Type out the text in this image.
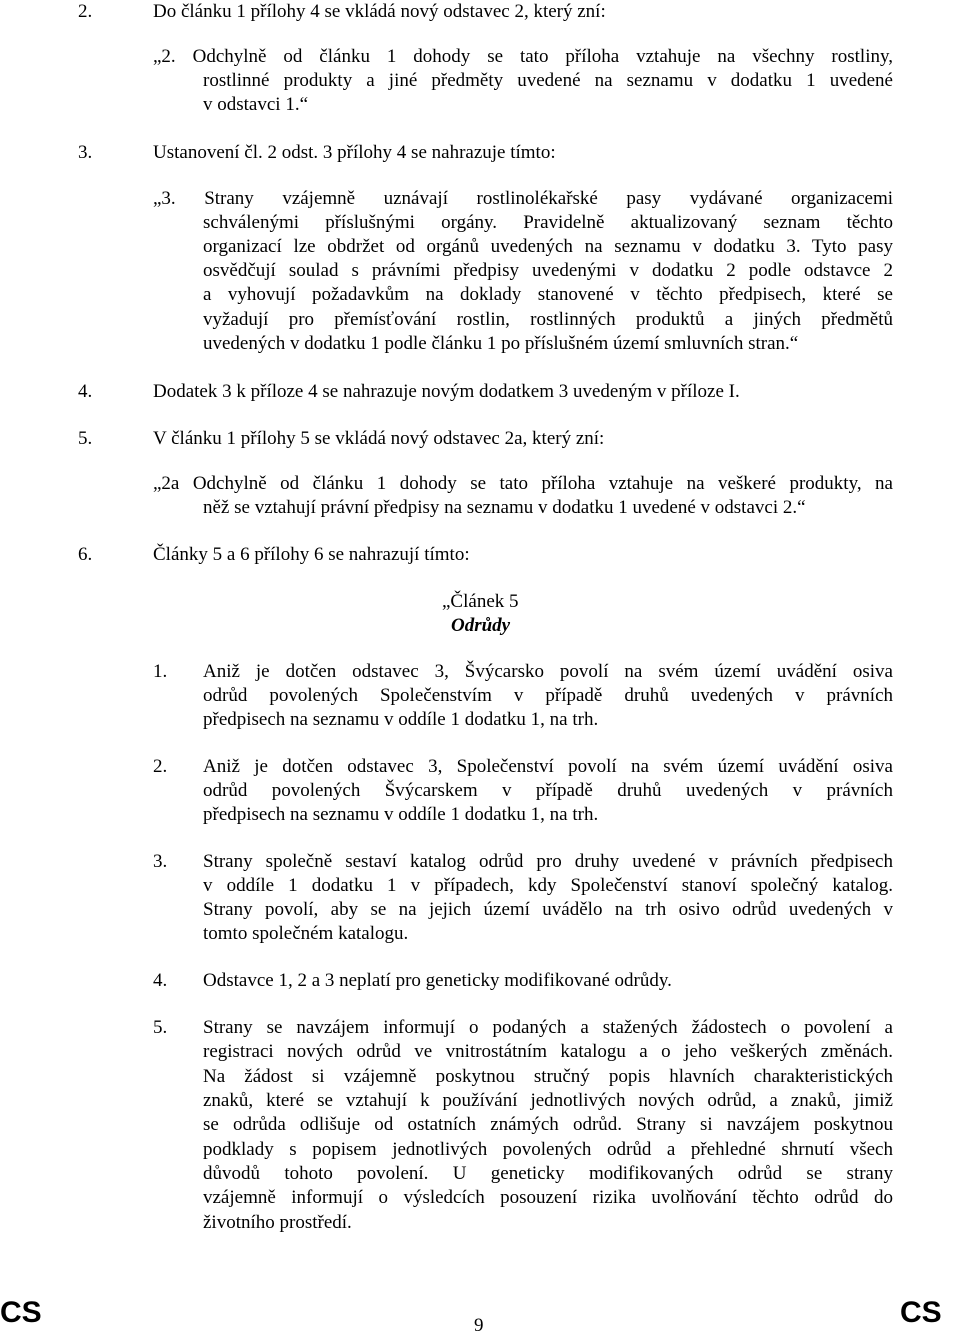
2.	Do článku 1 přílohy 4 se vkládá nový odstavec 2, který zní:
„2. Odchylně od článku 1 dohody se tato příloha vztahuje na všechny rostliny,
rostlinné produkty a jiné předměty uvedené na seznamu v dodatku 1 uvedené
v odstavci 1.“
3.	Ustanovení čl. 2 odst. 3 přílohy 4 se nahrazuje tímto:
„3. Strany vzájemně uznávají rostlinolékařské pasy vydávané organizacemi
schválenými příslušnými orgány. Pravidelně aktualizovaný seznam těchto
organizací lze obdržet od orgánů uvedených na seznamu v dodatku 3. Tyto pasy
osvědčují soulad s právními předpisy uvedenými v dodatku 2 podle odstavce 2
a vyhovují požadavkům na doklady stanovené v těchto předpisech, které se
vyžadují pro přemísťování rostlin, rostlinných produktů a jiných předmětů
uvedených v dodatku 1 podle článku 1 po příslušném území smluvních stran.“
4.	Dodatek 3 k příloze 4 se nahrazuje novým dodatkem 3 uvedeným v příloze I.
5.	V článku 1 přílohy 5 se vkládá nový odstavec 2a, který zní:
„2a Odchylně od článku 1 dohody se tato příloha vztahuje na veškeré produkty, na
něž se vztahují právní předpisy na seznamu v dodatku 1 uvedené v odstavci 2.“
6.	Články 5 a 6 přílohy 6 se nahrazují tímto:
„Článek 5
Odrůdy
1. Aniž je dotčen odstavec 3, Švýcarsko povolí na svém území uvádění osiva
odrůd povolených Společenstvím v případě druhů uvedených v právních
předpisech na seznamu v oddíle 1 dodatku 1, na trh.
2. Aniž je dotčen odstavec 3, Společenství povolí na svém území uvádění osiva
odrůd povolených Švýcarskem v případě druhů uvedených v právních
předpisech na seznamu v oddíle 1 dodatku 1, na trh.
3. Strany společně sestaví katalog odrůd pro druhy uvedené v právních předpisech
v oddíle 1 dodatku 1 v případech, kdy Společenství stanoví společný katalog.
Strany povolí, aby se na jejich území uvádělo na trh osivo odrůd uvedených v
tomto společném katalogu.
4. Odstavce 1, 2 a 3 neplatí pro geneticky modifikované odrůdy.
5. Strany se navzájem informují o podaných a stažených žádostech o povolení a
registraci nových odrůd ve vnitrostátním katalogu a o jeho veškerých změnách.
Na žádost si vzájemně poskytnou stručný popis hlavních charakteristických
znaků, které se vztahují k používání jednotlivých nových odrůd, a znaků, jimiž
se odrůda odlišuje od ostatních známých odrůd. Strany si navzájem poskytnou
podklady s popisem jednotlivých povolených odrůd a přehledné shrnutí všech
důvodů tohoto povolení. U geneticky modifikovaných odrůd se strany
vzájemně informují o výsledcích posouzení rizika uvolňování těchto odrůd do
životního prostředí.
CS	9	CS
